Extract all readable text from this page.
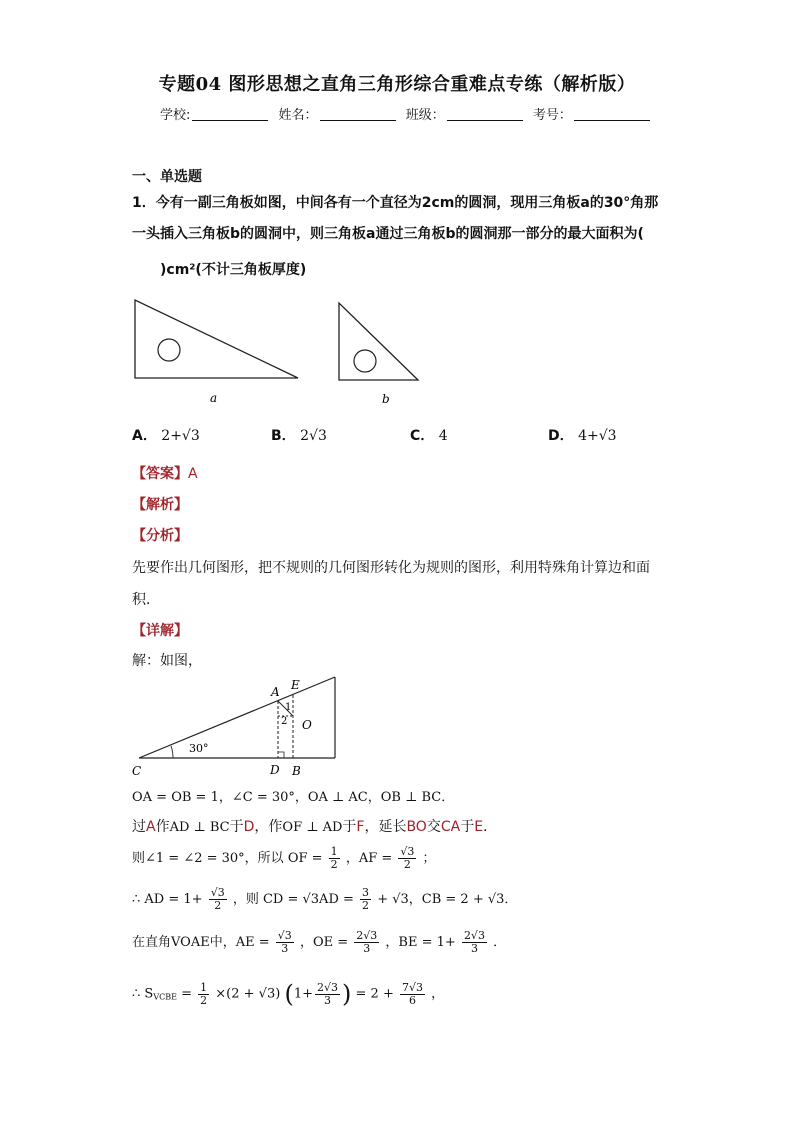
专题04 图形思想之直角三角形综合重难点专练（解析版）
学校:	姓名：	班级：	考号：
一、单选题
1．今有一副三角板如图，中间各有一个直径为2cm的圆洞，现用三角板a的30°角那
一头插入三角板b的圆洞中，则三角板a通过三角板b的圆洞那一部分的最大面积为(
)cm²(不计三角板厚度)
a	b
A． 2+√3	B． 2√3	C． 4	D． 4+√3
【答案】A
【解析】
【分析】
先要作出几何图形，把不规则的几何图形转化为规则的图形，利用特殊角计算边和面
积．
【详解】
解：如图，
A E
O
C	D B
1
2
30°
OA = OB = 1，∠C = 30°，OA ⊥ AC，OB ⊥ BC．
过A作AD ⊥ BC于D，作OF ⊥ AD于F，延长BO交CA于E．
则∠1 = ∠2 = 30°，所以 OF = $\frac{1}{2}$ ，AF = $\frac{√3}{2}$ ；
∴ AD = $1+ \frac{√3}{2}$ ，则 CD = $√3AD = \frac{3}{2} + √3$，CB = 2 + √3．
在直角VOAE中，AE = $\frac{√3}{3}$ ，OE = $\frac{2√3}{3}$ ，BE = $1+ \frac{2√3}{3}$ ．
∴ $S_{VCBE} = \frac{1}{2} \times(2 + √3)$ ($1+ \frac{2√3}{3}$ ) = $2 + \frac{7√3}{6}$ ，
